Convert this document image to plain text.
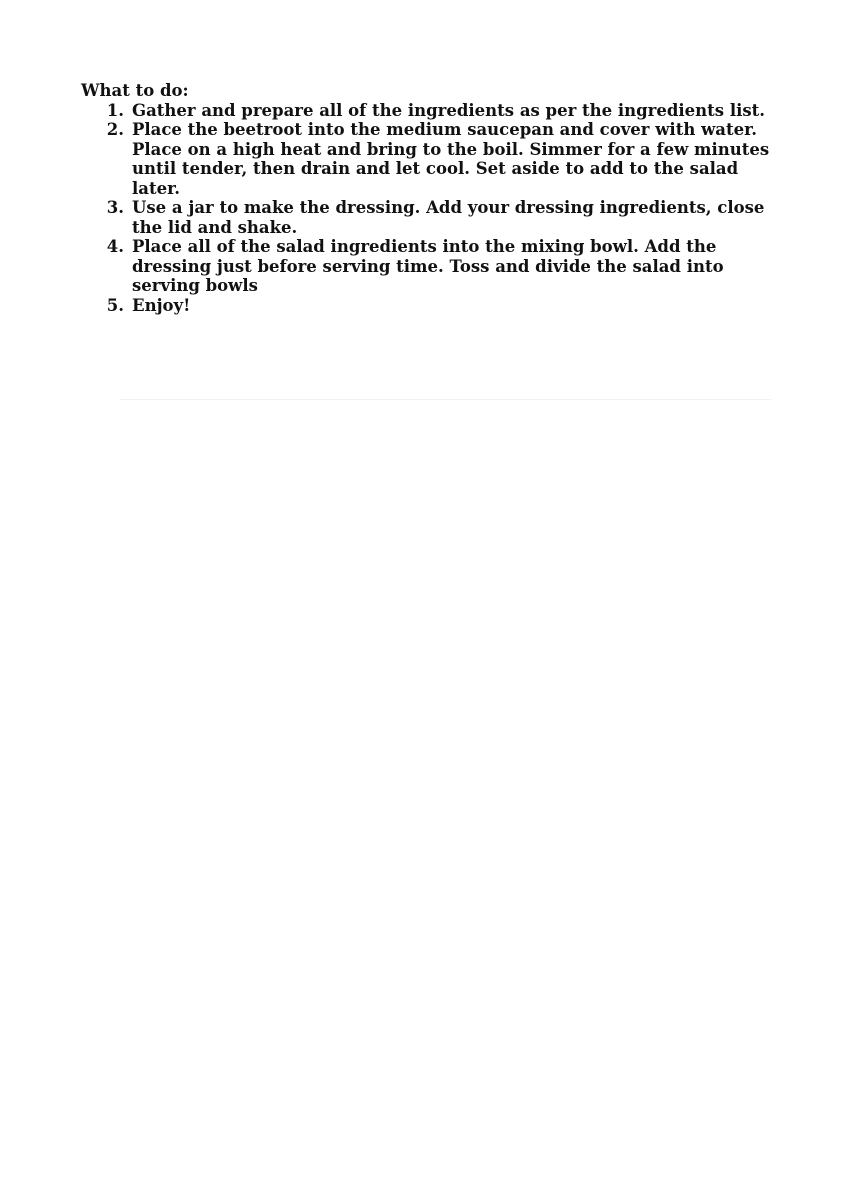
What to do:

1. Gather and prepare all of the ingredients as per the ingredients list.
2. Place the beetroot into the medium saucepan and cover with water. Place on a high heat and bring to the boil. Simmer for a few minutes until tender, then drain and let cool. Set aside to add to the salad later.
3. Use a jar to make the dressing. Add your dressing ingredients, close the lid and shake.
4. Place all of the salad ingredients into the mixing bowl. Add the dressing just before serving time. Toss and divide the salad into serving bowls
5. Enjoy!
